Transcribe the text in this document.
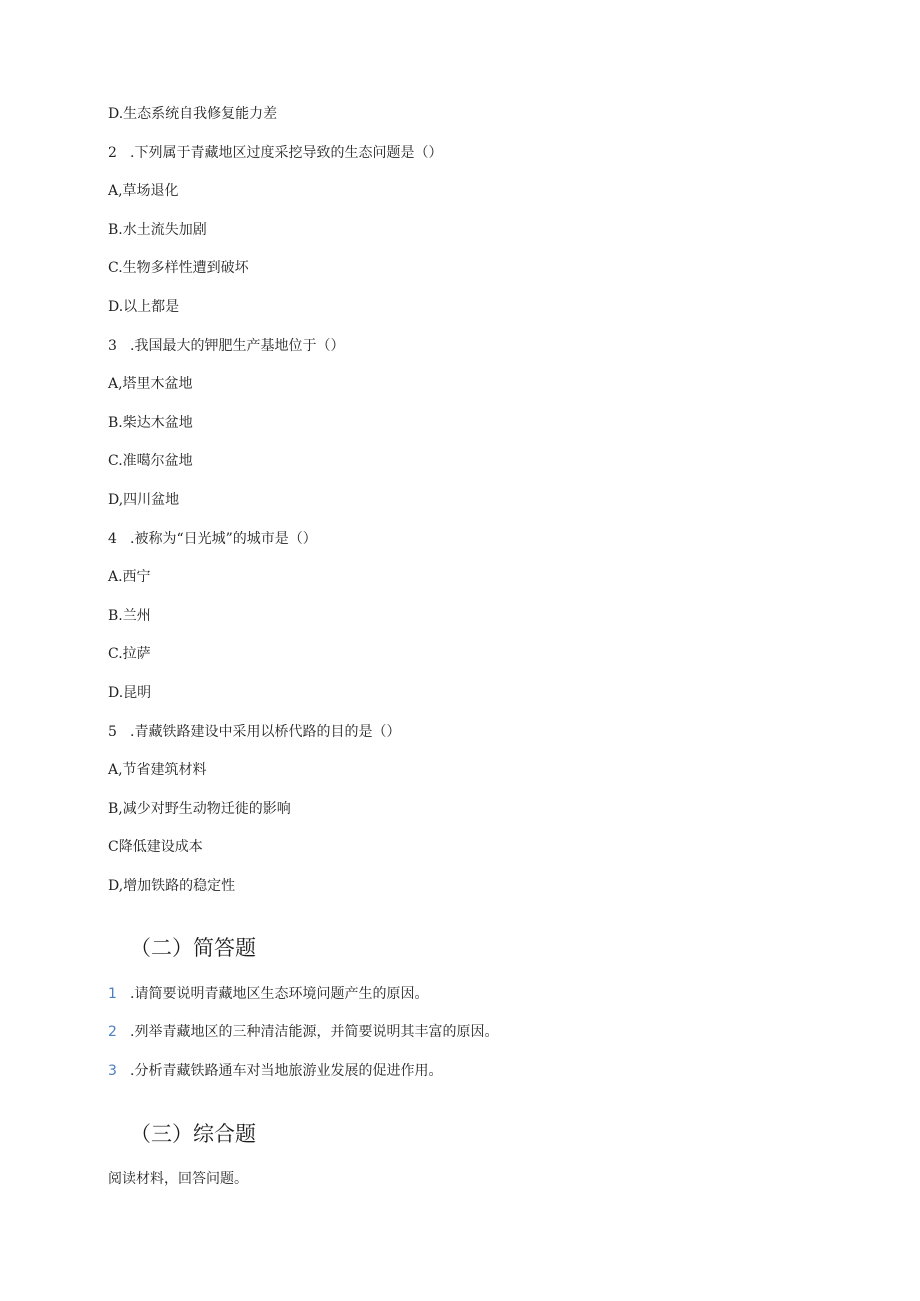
D.生态系统自我修复能力差
2 .下列属于青藏地区过度采挖导致的生态问题是（）
A,草场退化
B.水土流失加剧
C.生物多样性遭到破坏
D.以上都是
3 .我国最大的钾肥生产基地位于（）
A,塔里木盆地
B.柴达木盆地
C.准噶尔盆地
D,四川盆地
4 .被称为“日光城”的城市是（）
A.西宁
B.兰州
C.拉萨
D.昆明
5 .青藏铁路建设中采用以桥代路的目的是（）
A,节省建筑材料
B,减少对野生动物迁徙的影响
C降低建设成本
D,增加铁路的稳定性
（二）简答题
1 .请简要说明青藏地区生态环境问题产生的原因。
2 .列举青藏地区的三种清洁能源，并简要说明其丰富的原因。
3 .分析青藏铁路通车对当地旅游业发展的促进作用。
（三）综合题
阅读材料，回答问题。
